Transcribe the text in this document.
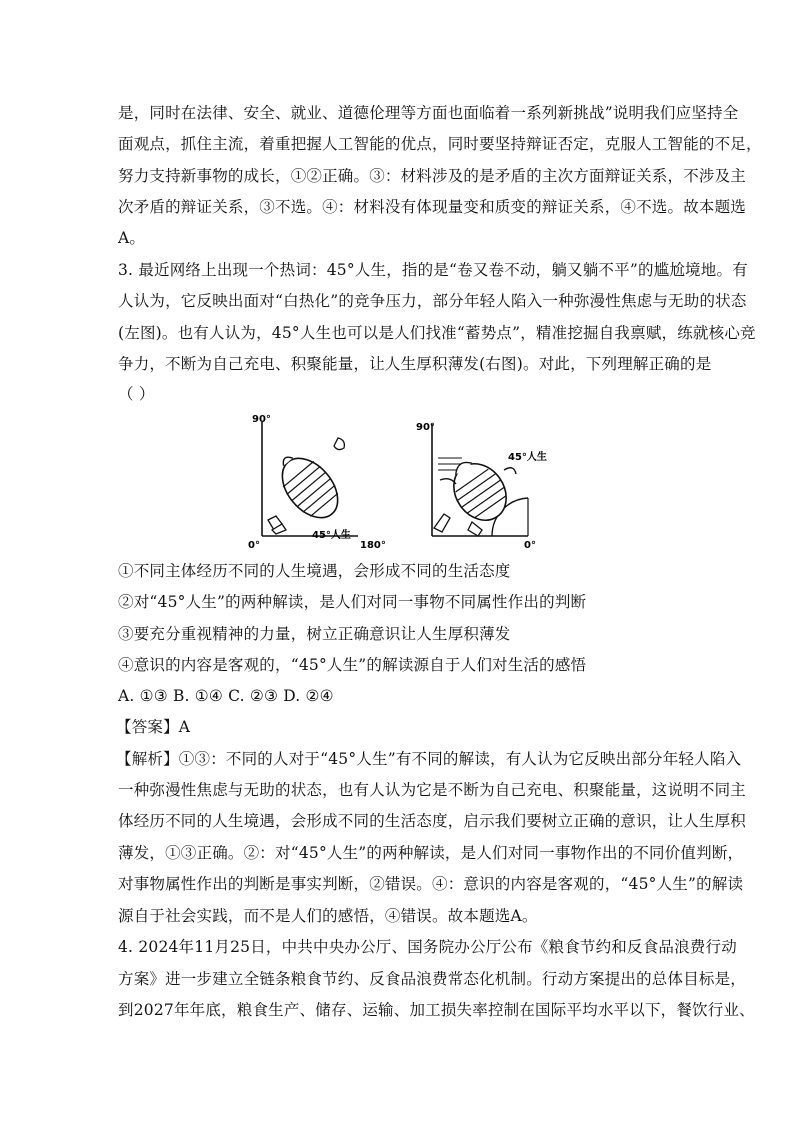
是，同时在法律、安全、就业、道德伦理等方面也面临着一系列新挑战”说明我们应坚持全
面观点，抓住主流，着重把握人工智能的优点，同时要坚持辩证否定，克服人工智能的不足，
努力支持新事物的成长，①②正确。③：材料涉及的是矛盾的主次方面辩证关系，不涉及主
次矛盾的辩证关系，③不选。④：材料没有体现量变和质变的辩证关系，④不选。故本题选
A。
3. 最近网络上出现一个热词：45°人生，指的是“卷又卷不动，躺又躺不平”的尴尬境地。有
人认为，它反映出面对“白热化”的竞争压力，部分年轻人陷入一种弥漫性焦虑与无助的状态
(左图)。也有人认为，45°人生也可以是人们找准“蓄势点”，精准挖掘自我禀赋，练就核心竞
争力，不断为自己充电、积聚能量，让人生厚积薄发(右图)。对此，下列理解正确的是
（ ）
90°
0°	180°
45°人生
90°
0°
45°人生
①不同主体经历不同的人生境遇，会形成不同的生活态度
②对“45°人生”的两种解读，是人们对同一事物不同属性作出的判断
③要充分重视精神的力量，树立正确意识让人生厚积薄发
④意识的内容是客观的，“45°人生”的解读源自于人们对生活的感悟
A. ①③ B. ①④ C. ②③ D. ②④
【答案】A
【解析】①③：不同的人对于“45°人生”有不同的解读，有人认为它反映出部分年轻人陷入
一种弥漫性焦虑与无助的状态，也有人认为它是不断为自己充电、积聚能量，这说明不同主
体经历不同的人生境遇，会形成不同的生活态度，启示我们要树立正确的意识，让人生厚积
薄发，①③正确。②：对“45°人生”的两种解读，是人们对同一事物作出的不同价值判断，
对事物属性作出的判断是事实判断，②错误。④：意识的内容是客观的，“45°人生”的解读
源自于社会实践，而不是人们的感悟，④错误。故本题选A。
4. 2024年11月25日，中共中央办公厅、国务院办公厅公布《粮食节约和反食品浪费行动
方案》进一步建立全链条粮食节约、反食品浪费常态化机制。行动方案提出的总体目标是，
到2027年年底，粮食生产、储存、运输、加工损失率控制在国际平均水平以下，餐饮行业、
